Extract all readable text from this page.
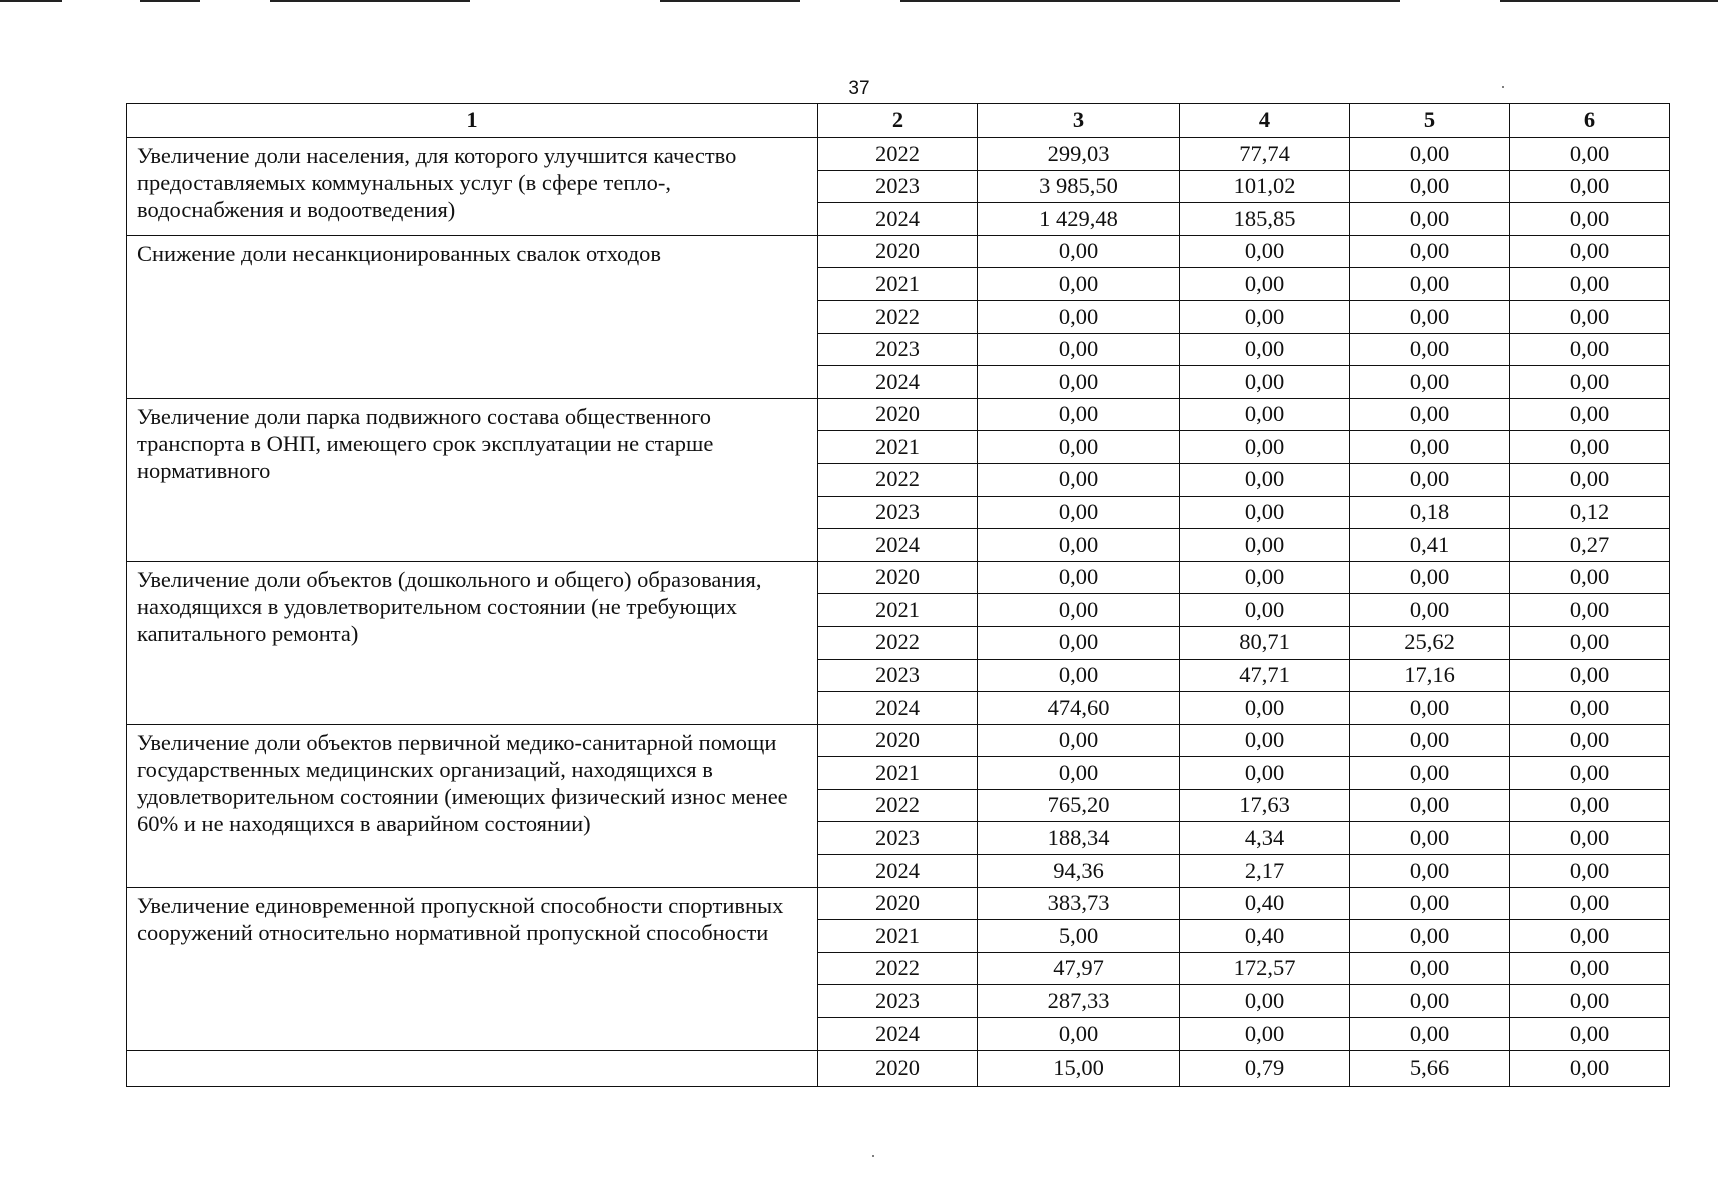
37
1	2	3	4	5	6
Увеличение доли населения, для которого улучшится качество предоставляемых коммунальных услуг (в сфере тепло-, водоснабжения и водоотведения)	2022	299,03	77,74	0,00	0,00
	2023	3 985,50	101,02	0,00	0,00
	2024	1 429,48	185,85	0,00	0,00
Снижение доли несанкционированных свалок отходов	2020	0,00	0,00	0,00	0,00
	2021	0,00	0,00	0,00	0,00
	2022	0,00	0,00	0,00	0,00
	2023	0,00	0,00	0,00	0,00
	2024	0,00	0,00	0,00	0,00
Увеличение доли парка подвижного состава общественного транспорта в ОНП, имеющего срок эксплуатации не старше нормативного	2020	0,00	0,00	0,00	0,00
	2021	0,00	0,00	0,00	0,00
	2022	0,00	0,00	0,00	0,00
	2023	0,00	0,00	0,18	0,12
	2024	0,00	0,00	0,41	0,27
Увеличение доли объектов (дошкольного и общего) образования, находящихся в удовлетворительном состоянии (не требующих капитального ремонта)	2020	0,00	0,00	0,00	0,00
	2021	0,00	0,00	0,00	0,00
	2022	0,00	80,71	25,62	0,00
	2023	0,00	47,71	17,16	0,00
	2024	474,60	0,00	0,00	0,00
Увеличение доли объектов первичной медико-санитарной помощи государственных медицинских организаций, находящихся в удовлетворительном состоянии (имеющих физический износ менее 60% и не находящихся в аварийном состоянии)	2020	0,00	0,00	0,00	0,00
	2021	0,00	0,00	0,00	0,00
	2022	765,20	17,63	0,00	0,00
	2023	188,34	4,34	0,00	0,00
	2024	94,36	2,17	0,00	0,00
Увеличение единовременной пропускной способности спортивных сооружений относительно нормативной пропускной способности	2020	383,73	0,40	0,00	0,00
	2021	5,00	0,40	0,00	0,00
	2022	47,97	172,57	0,00	0,00
	2023	287,33	0,00	0,00	0,00
	2024	0,00	0,00	0,00	0,00
	2020	15,00	0,79	5,66	0,00
